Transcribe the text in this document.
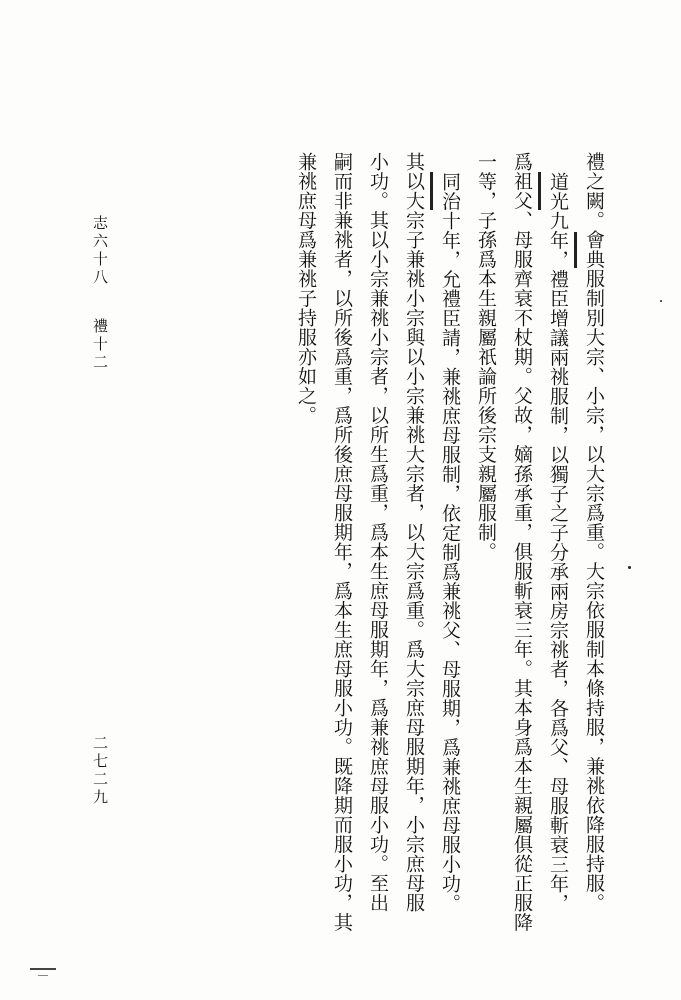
志六十八
禮十二
二七二九	禮之闕。會典服制別大宗、小宗，以大宗爲重。大宗依服制本條持服，兼祧依降服持服。
道光九年，禮臣增議兩祧服制，以獨子之子分承兩房宗祧者，各爲父、母服斬衰三年，
爲祖父、母服齊衰不杖期。父故，嫡孫承重，俱服斬衰三年。其本身爲本生親屬俱從正服降
一等，子孫爲本生親屬祇論所後宗支親屬服制。
同治十年，允禮臣請，兼祧庶母服制，依定制爲兼祧父、母服期，爲兼祧庶母服小功。
其以大宗子兼祧小宗與以小宗兼祧大宗者，以大宗爲重。爲大宗庶母服期年，小宗庶母服
小功。其以小宗兼祧小宗者，以所生爲重，爲本生庶母服期年，爲兼祧庶母服小功。至出
嗣而非兼祧者，以所後爲重，爲所後庶母服期年，爲本生庶母服小功。既降期而服小功，其
兼祧庶母爲兼祧子持服亦如之。
